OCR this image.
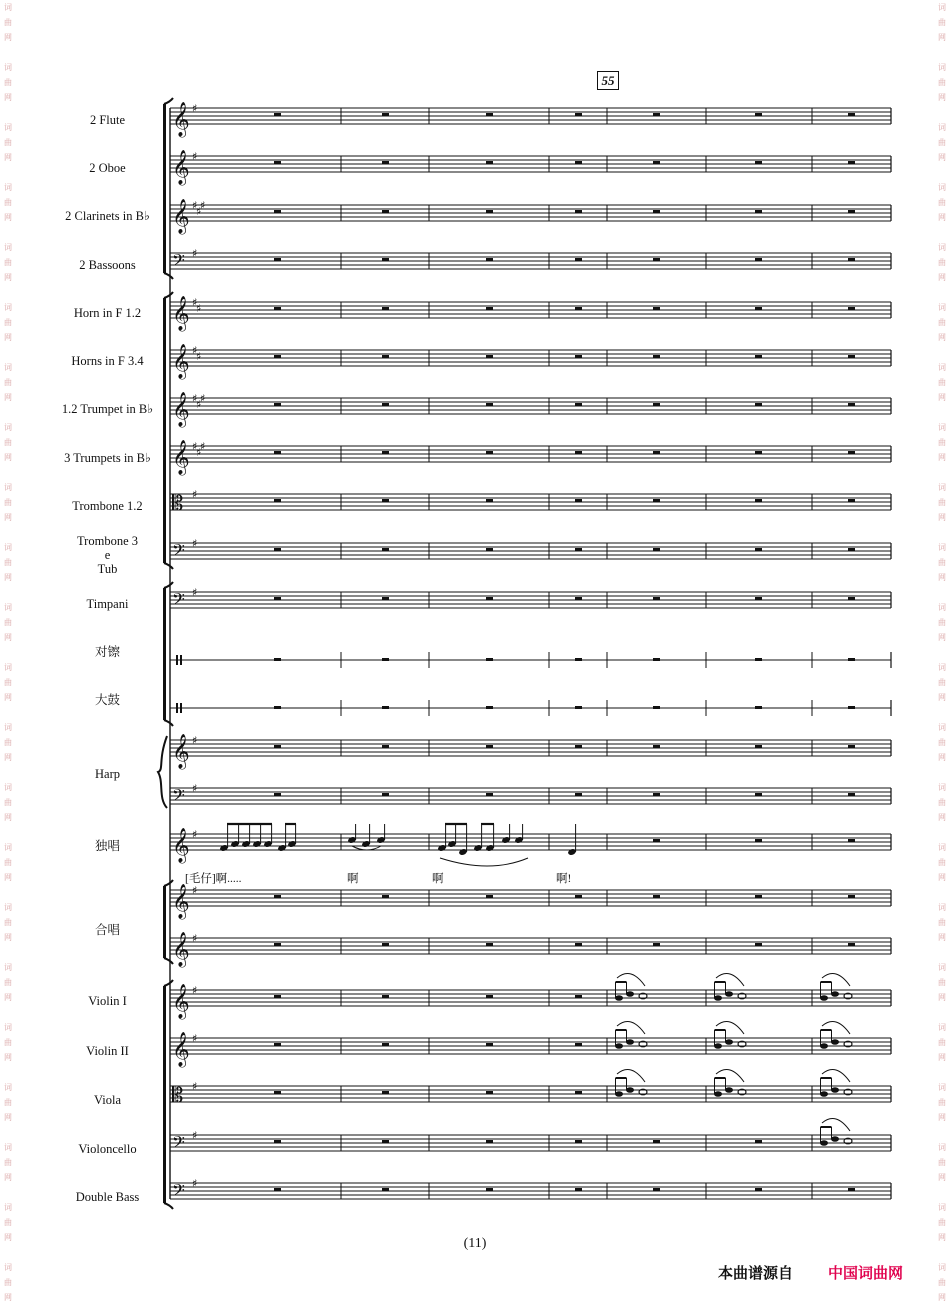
𝄞 ♯
𝄞 ♯
𝄞 ♯
♯
♯
𝄢 ♯
𝄞 ♯
♯
𝄞 ♯
♯
𝄞 ♯
♯
♯
𝄞 ♯
♯
♯
𝄡 ♯
𝄢 ♯
𝄢 ♯
𝄞 ♯
𝄢 ♯
𝄞 ♯
𝄞 ♯
𝄞 ♯
𝄞 ♯
𝄞 ♯
𝄡 ♯
𝄢 ♯
𝄢 ♯
2 Flute
2 Oboe
2 Clarinets in B♭
2 Bassoons
Horn in F 1.2
Horns in F 3.4
1.2 Trumpet in B♭
3 Trumpets in B♭
Trombone 1.2
Trombone 3
e
Tub
Timpani
对镲
大鼓
独唱
Violin I
Violin II
Viola
Violoncello
Double Bass
Harp
合唱
55
[毛仔]啊.....	啊	啊	啊!
(11)
本曲谱源自 中国词曲网
词
曲
网
词
曲
网
词
曲
网
词
曲
网
词
曲
网
词
曲
网
词
曲
网
词
曲
网
词
曲
网
词
曲
网
词
曲
网
词
曲
网
词
曲
网
词
曲
网
词
曲
网
词
曲
网
词
曲
网
词
曲
网
词
曲
网
词
曲
网
词
曲
网
词
曲
网
词
曲
网
词
曲
网
词
曲
网
词
曲
网
词
曲
网
词
曲
网
词
曲
网
词
曲
网
词
曲
网
词
曲
网
词
曲
网
词
曲
网
词
曲
网
词
曲
网
词
曲
网
词
曲
网
词
曲
网
词
曲
网
词
曲
网
词
曲
网
词
曲
网
词
曲
网
